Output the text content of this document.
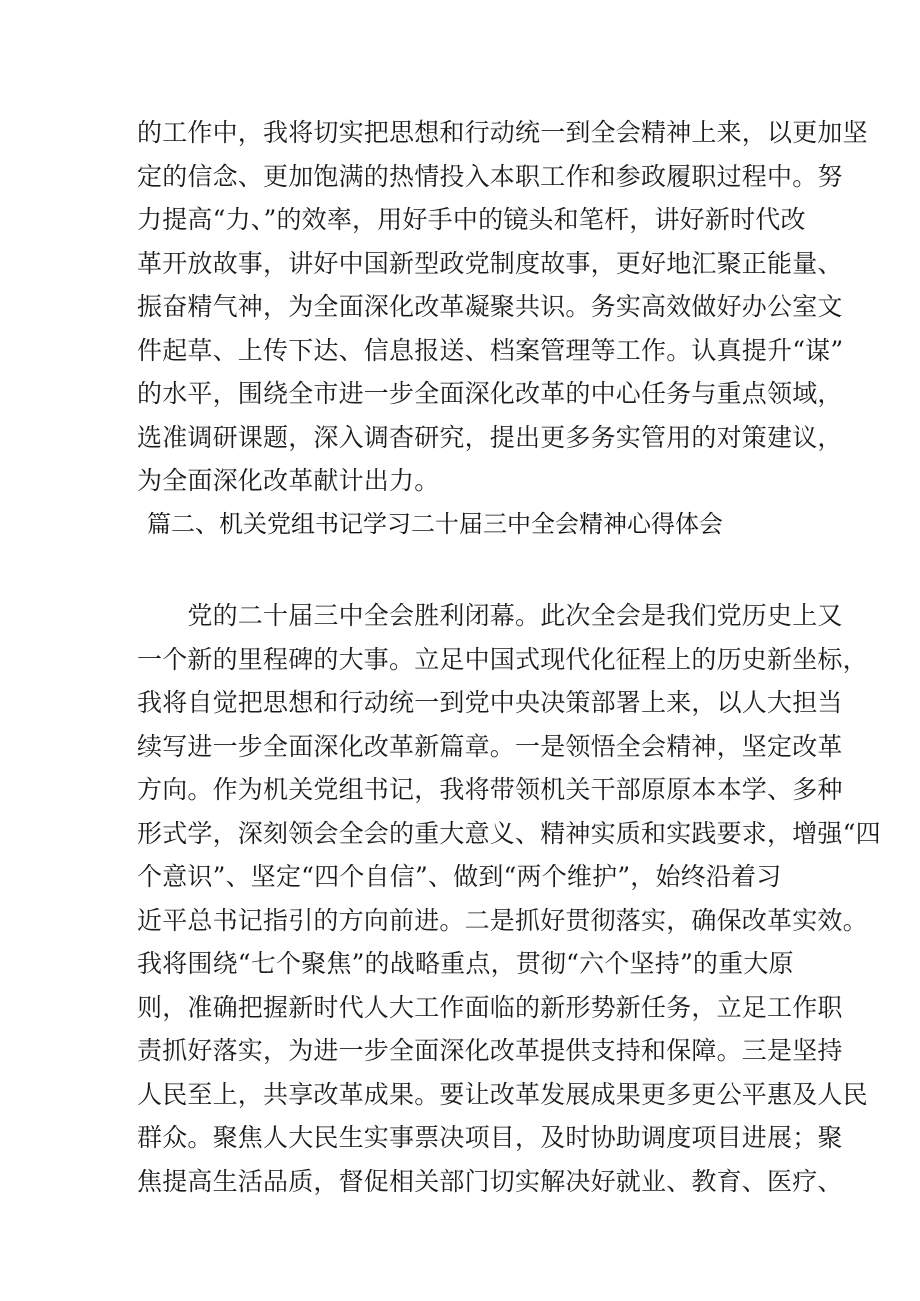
的工作中，我将切实把思想和行动统一到全会精神上来，以更加坚
定的信念、更加饱满的热情投入本职工作和参政履职过程中。努
力提高“力、”的效率，用好手中的镜头和笔杆，讲好新时代改
革开放故事，讲好中国新型政党制度故事，更好地汇聚正能量、
振奋精气神，为全面深化改革凝聚共识。务实高效做好办公室文
件起草、上传下达、信息报送、档案管理等工作。认真提升“谋”
的水平，围绕全市进一步全面深化改革的中心任务与重点领域，
选准调研课题，深入调杳研究，提出更多务实管用的对策建议，
为全面深化改革献计出力。
篇二、机关党组书记学习二十届三中全会精神心得体会
　　党的二十届三中全会胜利闭幕。此次全会是我们党历史上又
一个新的里程碑的大事。立足中国式现代化征程上的历史新坐标，
我将自觉把思想和行动统一到党中央决策部署上来，以人大担当
续写进一步全面深化改革新篇章。一是领悟全会精神，坚定改革
方向。作为机关党组书记，我将带领机关干部原原本本学、多种
形式学，深刻领会全会的重大意义、精神实质和实践要求，增强“四
个意识”、坚定“四个自信”、做到“两个维护”，始终沿着习
近平总书记指引的方向前进。二是抓好贯彻落实，确保改革实效。
我将围绕“七个聚焦”的战略重点，贯彻“六个坚持”的重大原
则，准确把握新时代人大工作面临的新形势新任务，立足工作职
责抓好落实，为进一步全面深化改革提供支持和保障。三是坚持
人民至上，共享改革成果。要让改革发展成果更多更公平惠及人民
群众。聚焦人大民生实事票决项目，及时协助调度项目进展；聚
焦提高生活品质，督促相关部门切实解决好就业、教育、医疗、
